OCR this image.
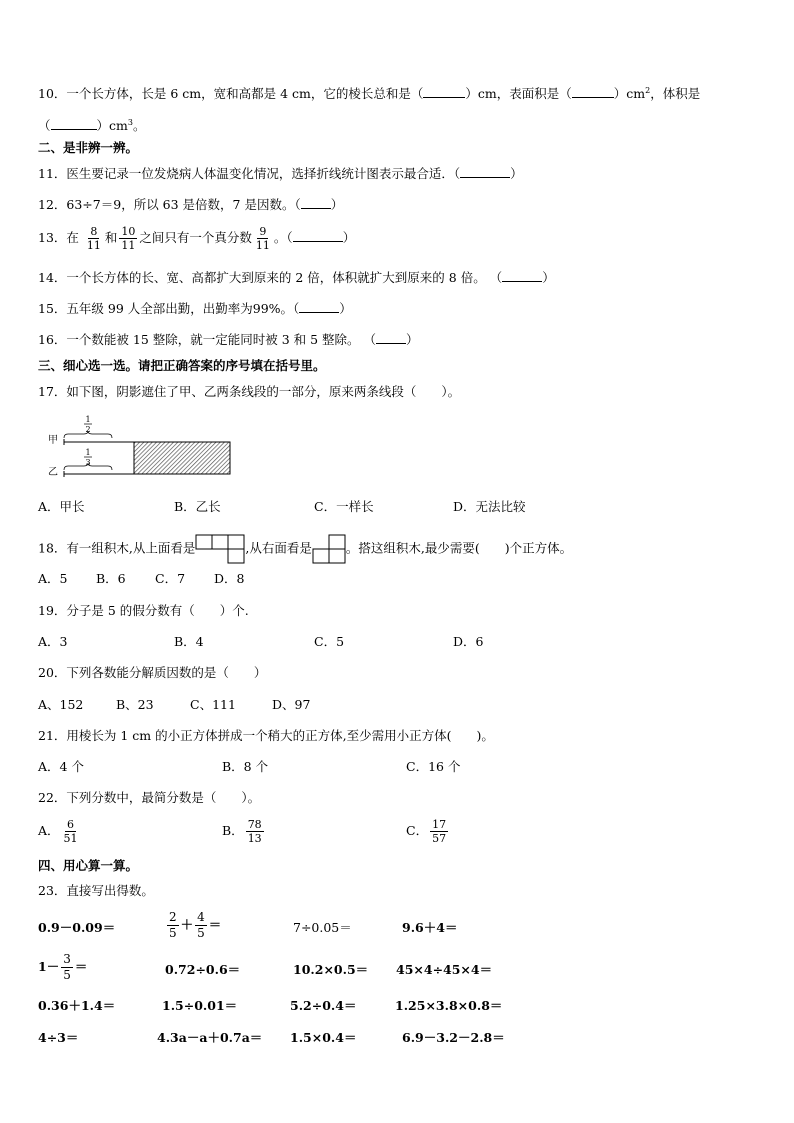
10．一个长方体，长是 6 cm，宽和高都是 4 cm，它的棱长总和是（	）cm，表面积是（	）$cm^2$，体积是
（	）$cm^3$。
二、是非辨一辨。
11．医生要记录一位发烧病人体温变化情况，选择折线统计图表示最合适．（	）
12．63÷7＝9，所以 63 是倍数，7 是因数。（ ）
13．在 $\frac{8}{11}$ 和 $\frac{10}{11}$ 之间只有一个真分数 $\frac{9}{11}$ 。（	）
14．一个长方体的长、宽、高都扩大到原来的 2 倍，体积就扩大到原来的 8 倍。 （	）
15．五年级 99 人全部出勤，出勤率为99%。（	）
16．一个数能被 15 整除，就一定能同时被 3 和 5 整除。 （ ）
三、细心选一选。请把正确答案的序号填在括号里。
17．如下图，阴影遮住了甲、乙两条线段的一部分，原来两条线段（　　）。
甲
乙
1
2
1
3
A．甲长	B．乙长	C．一样长	D．无法比较
18．有一组积木,从上面看是	,从右面看是	。搭这组积木,最少需要(　　)个正方体。
A．5 B．6 C．7 D．8
19．分子是 5 的假分数有（　　）个.
A．3	B．4	C．5	D．6
20．下列各数能分解质因数的是（　　）
A、152	B、23	C、111	D、97
21．用棱长为 1 cm 的小正方体拼成一个稍大的正方体,至少需用小正方体(　　)。
A．4 个	B．8 个	C．16 个
22．下列分数中，最简分数是（　　）。
A． $\frac{6}{51}$	B． $\frac{78}{13}$	C． $\frac{17}{57}$
四、用心算一算。
23．直接写出得数。
0.9－0.09＝	$\frac{2}{5} + \frac{4}{5}$ ＝	7÷0.05＝	9.6＋4＝
$1- \frac{3}{5}$ ＝	0.72÷0.6＝	10.2×0.5＝ 45×4÷45×4＝
0.36＋1.4＝	1.5÷0.01＝	5.2÷0.4＝	1.25×3.8×0.8＝
4÷3＝	4.3a－a＋0.7a＝ 1.5×0.4＝	6.9－3.2－2.8＝
